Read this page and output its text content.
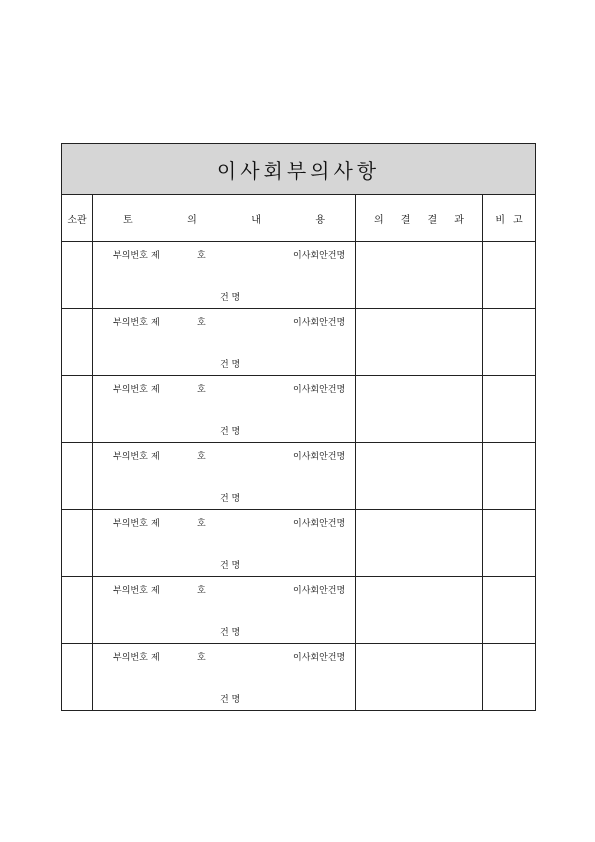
이사회부의사항			
소관	토 의 내 용	의 결 결 과	비 고

	부의번호 제 호 이사회안건명
건 명		

	부의번호 제 호 이사회안건명
건 명		

	부의번호 제 호 이사회안건명
건 명		

	부의번호 제 호 이사회안건명
건 명		

	부의번호 제 호 이사회안건명
건 명		

	부의번호 제 호 이사회안건명
건 명		

	부의번호 제 호 이사회안건명
건 명		
